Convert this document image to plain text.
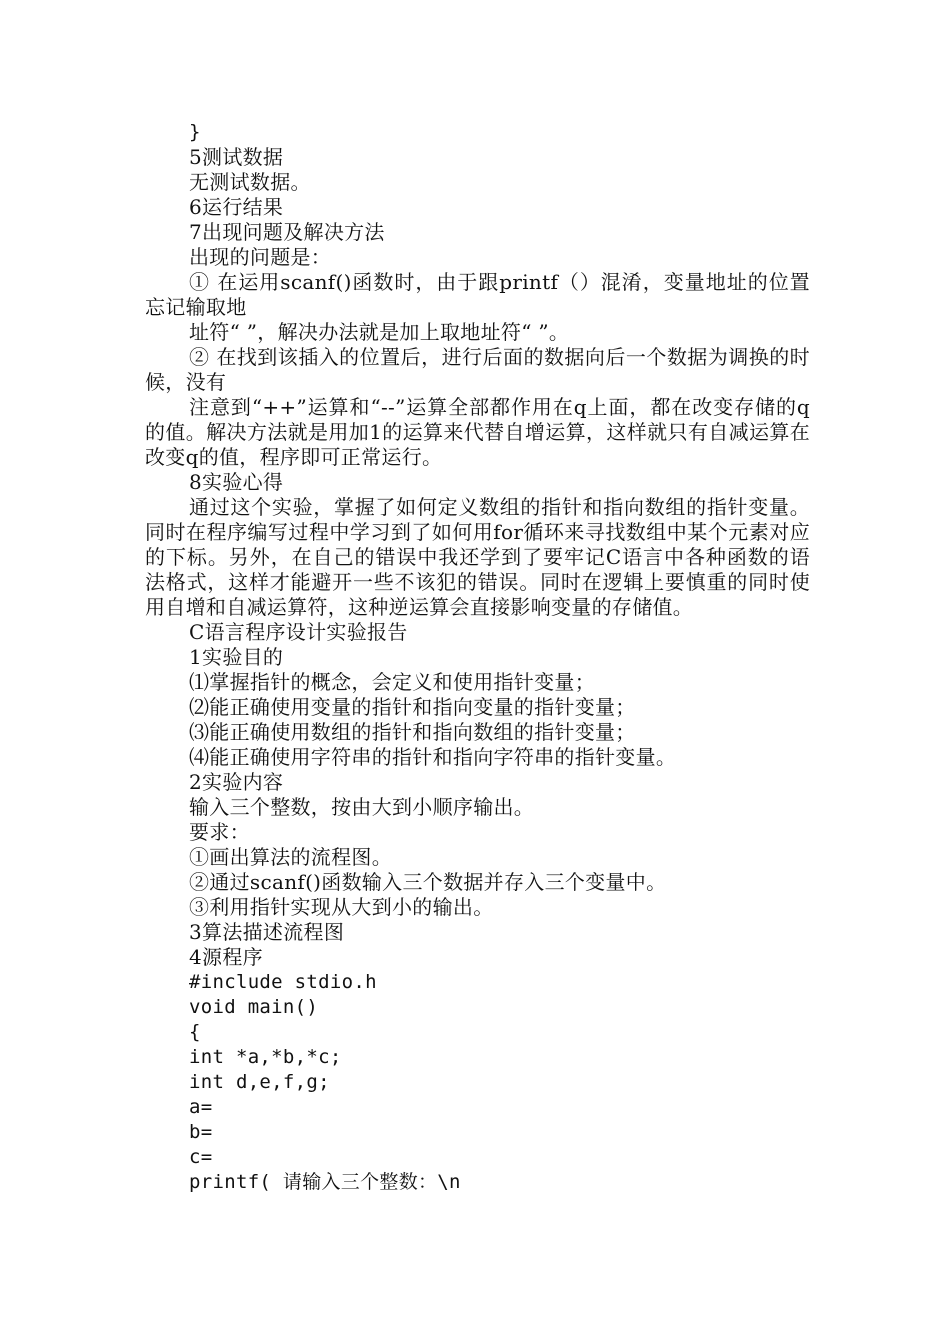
}
5测试数据
无测试数据。
6运行结果
7出现问题及解决方法
出现的问题是：
① 在运用scanf()函数时，由于跟printf（）混淆，变量地址的位置忘记输取地
址符“ ”，解决办法就是加上取地址符“ ”。
② 在找到该插入的位置后，进行后面的数据向后一个数据为调换的时候，没有
注意到“++”运算和“--”运算全部都作用在q上面，都在改变存储的q的值。解决方法就是用加1的运算来代替自增运算，这样就只有自减运算在改变q的值，程序即可正常运行。
8实验心得
通过这个实验，掌握了如何定义数组的指针和指向数组的指针变量。同时在程序编写过程中学习到了如何用for循环来寻找数组中某个元素对应的下标。另外，在自己的错误中我还学到了要牢记C语言中各种函数的语法格式，这样才能避开一些不该犯的错误。同时在逻辑上要慎重的同时使用自增和自减运算符，这种逆运算会直接影响变量的存储值。
C语言程序设计实验报告
1实验目的
⑴掌握指针的概念，会定义和使用指针变量；
⑵能正确使用变量的指针和指向变量的指针变量；
⑶能正确使用数组的指针和指向数组的指针变量；
⑷能正确使用字符串的指针和指向字符串的指针变量。
2实验内容
输入三个整数，按由大到小顺序输出。
要求：
①画出算法的流程图。
②通过scanf()函数输入三个数据并存入三个变量中。
③利用指针实现从大到小的输出。
3算法描述流程图
4源程序
#include stdio.h
void main()
{
int *a,*b,*c;
int d,e,f,g;
a=
b=
c=
printf( 请输入三个整数：\n
